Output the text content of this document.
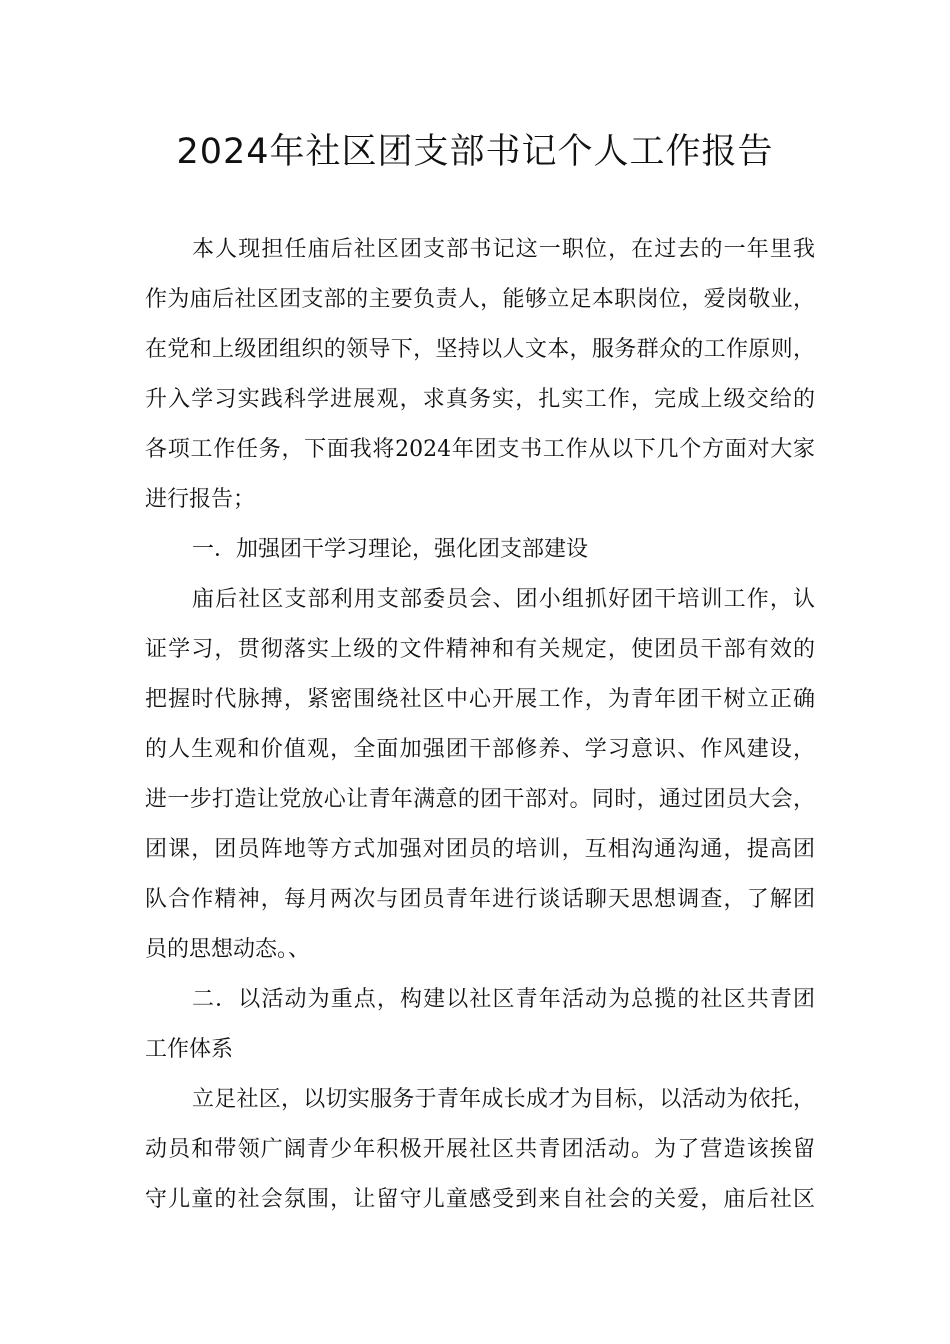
2024年社区团支部书记个人工作报告
本人现担任庙后社区团支部书记这一职位，在过去的一年里我
作为庙后社区团支部的主要负责人，能够立足本职岗位，爱岗敬业，
在党和上级团组织的领导下，坚持以人文本，服务群众的工作原则，
升入学习实践科学进展观，求真务实，扎实工作，完成上级交给的
各项工作任务，下面我将2024年团支书工作从以下几个方面对大家
进行报告；
一．加强团干学习理论，强化团支部建设
庙后社区支部利用支部委员会、团小组抓好团干培训工作，认
证学习，贯彻落实上级的文件精神和有关规定，使团员干部有效的
把握时代脉搏，紧密围绕社区中心开展工作，为青年团干树立正确
的人生观和价值观，全面加强团干部修养、学习意识、作风建设，
进一步打造让党放心让青年满意的团干部对。同时，通过团员大会，
团课，团员阵地等方式加强对团员的培训，互相沟通沟通，提高团
队合作精神，每月两次与团员青年进行谈话聊天思想调查，了解团
员的思想动态。、
二．以活动为重点，构建以社区青年活动为总揽的社区共青团
工作体系
立足社区，以切实服务于青年成长成才为目标，以活动为依托，
动员和带领广阔青少年积极开展社区共青团活动。为了营造该挨留
守儿童的社会氛围，让留守儿童感受到来自社会的关爱，庙后社区
